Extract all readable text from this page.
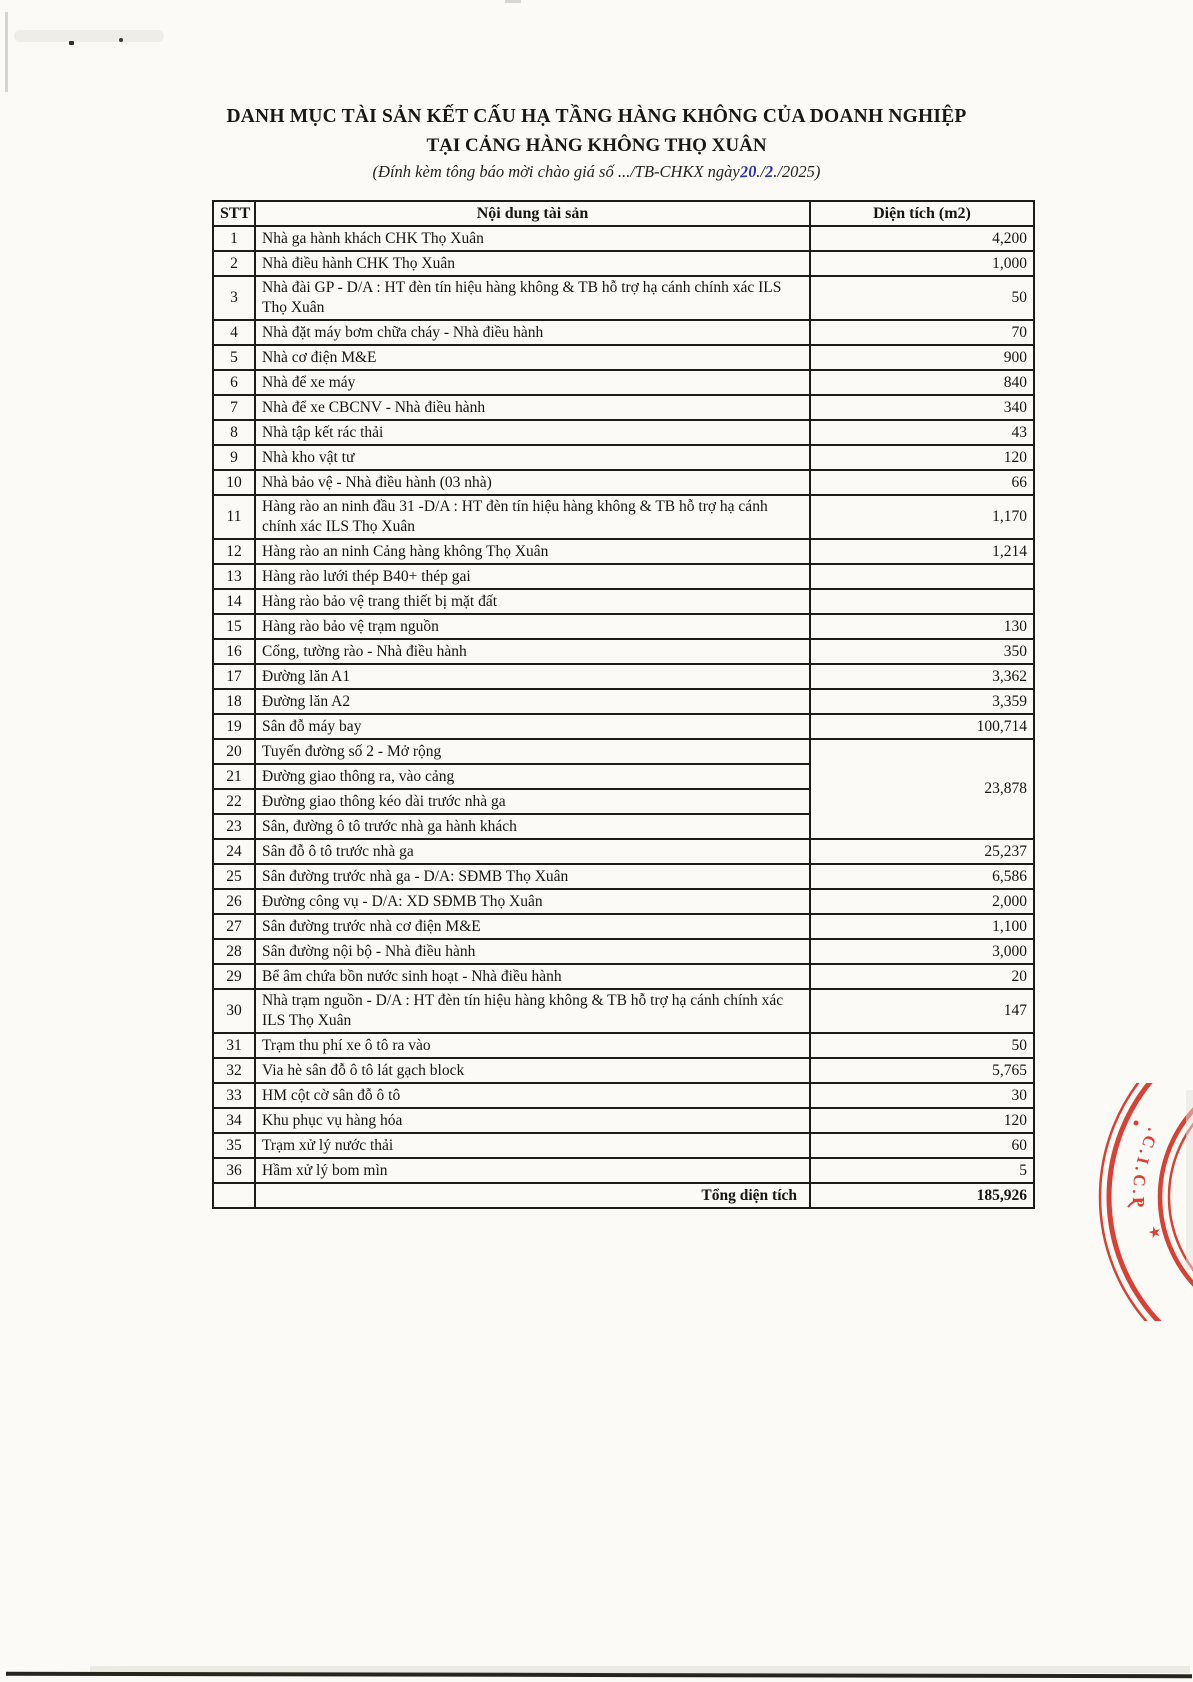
DANH MỤC TÀI SẢN KẾT CẤU HẠ TẦNG HÀNG KHÔNG CỦA DOANH NGHIỆP
TẠI CẢNG HÀNG KHÔNG THỌ XUÂN
(Đính kèm tông báo mời chào giá số .../TB-CHKX ngày20./2./2025)
STT	Nội dung tài sản	Diện tích (m2)
1	Nhà ga hành khách CHK Thọ Xuân	4,200
2	Nhà điều hành CHK Thọ Xuân	1,000
3	Nhà đài GP - D/A : HT đèn tín hiệu hàng không & TB hỗ trợ hạ cánh chính xác ILS Thọ Xuân	50
4	Nhà đặt máy bơm chữa cháy - Nhà điều hành	70
5	Nhà cơ điện M&E	900
6	Nhà để xe máy	840
7	Nhà để xe CBCNV - Nhà điều hành	340
8	Nhà tập kết rác thải	43
9	Nhà kho vật tư	120
10	Nhà bảo vệ - Nhà điều hành (03 nhà)	66
11	Hàng rào an ninh đầu 31 -D/A : HT đèn tín hiệu hàng không & TB hỗ trợ hạ cánh chính xác ILS Thọ Xuân	1,170
12	Hàng rào an ninh Cảng hàng không Thọ Xuân	1,214
13	Hàng rào lưới thép B40+ thép gai	
14	Hàng rào bảo vệ trang thiết bị mặt đất	
15	Hàng rào bảo vệ trạm nguồn	130
16	Cổng, tường rào - Nhà điều hành	350
17	Đường lăn A1	3,362
18	Đường lăn A2	3,359
19	Sân đỗ máy bay	100,714
20	Tuyến đường số 2 - Mở rộng	23,878
21	Đường giao thông ra, vào cảng	
22	Đường giao thông kéo dài trước nhà ga	
23	Sân, đường ô tô trước nhà ga hành khách	
24	Sân đỗ ô tô trước nhà ga	25,237
25	Sân đường trước nhà ga - D/A: SĐMB Thọ Xuân	6,586
26	Đường công vụ - D/A: XD SĐMB Thọ Xuân	2,000
27	Sân đường trước nhà cơ điện M&E	1,100
28	Sân đường nội bộ - Nhà điều hành	3,000
29	Bể âm chứa bồn nước sinh hoạt - Nhà điều hành	20
30	Nhà trạm nguồn - D/A : HT đèn tín hiệu hàng không & TB hỗ trợ hạ cánh chính xác ILS Thọ Xuân	147
31	Trạm thu phí xe ô tô ra vào	50
32	Via hè sân đỗ ô tô lát gạch block	5,765
33	HM cột cờ sân đỗ ô tô	30
34	Khu phục vụ hàng hóa	120
35	Trạm xử lý nước thải	60
36	Hầm xử lý bom mìn	5
	Tổng diện tích	185,926
.C.I.C.P
★
